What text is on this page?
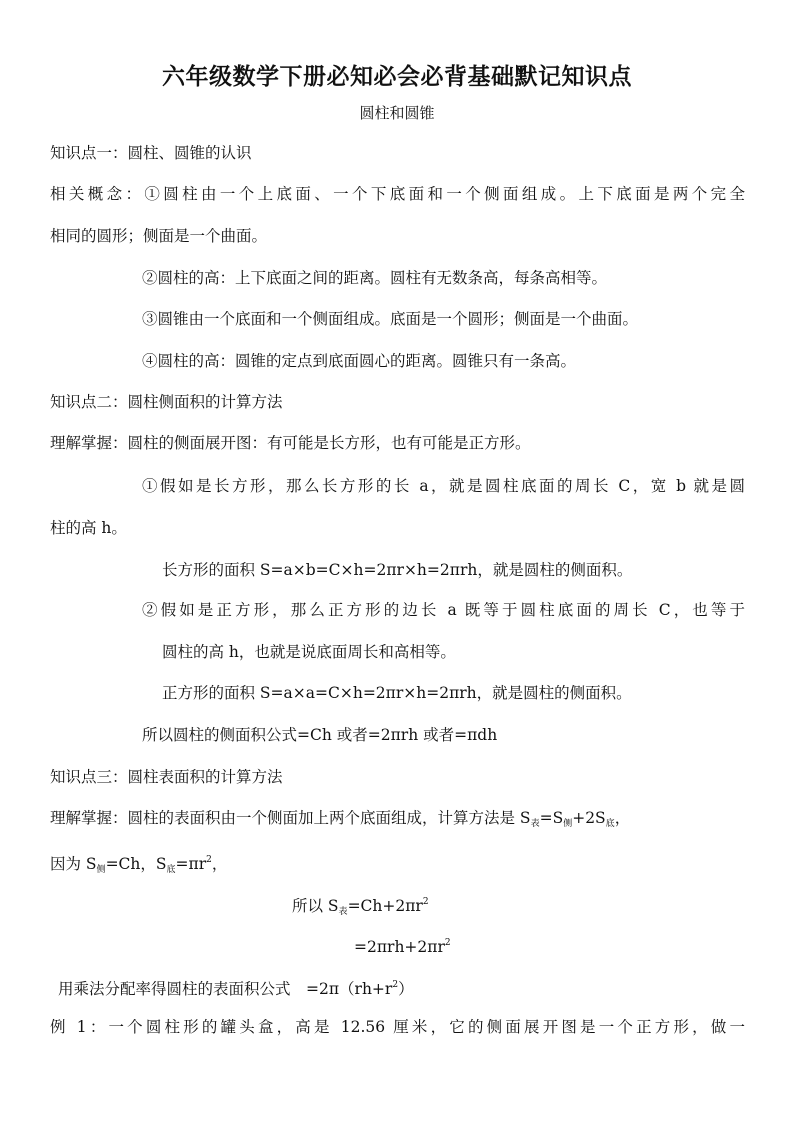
六年级数学下册必知必会必背基础默记知识点
圆柱和圆锥
知识点一：圆柱、圆锥的认识
相关概念：①圆柱由一个上底面、一个下底面和一个侧面组成。上下底面是两个完全
相同的圆形；侧面是一个曲面。
②圆柱的高：上下底面之间的距离。圆柱有无数条高，每条高相等。
③圆锥由一个底面和一个侧面组成。底面是一个圆形；侧面是一个曲面。
④圆柱的高：圆锥的定点到底面圆心的距离。圆锥只有一条高。
知识点二：圆柱侧面积的计算方法
理解掌握：圆柱的侧面展开图：有可能是长方形，也有可能是正方形。
①假如是长方形，那么长方形的长 a，就是圆柱底面的周长 C，宽 b 就是圆
柱的高 h。
长方形的面积 S=a×b=C×h=2πr×h=2πrh，就是圆柱的侧面积。
②假如是正方形，那么正方形的边长 a 既等于圆柱底面的周长 C，也等于
圆柱的高 h，也就是说底面周长和高相等。
正方形的面积 S=a×a=C×h=2πr×h=2πrh，就是圆柱的侧面积。
所以圆柱的侧面积公式=Ch 或者=2πrh 或者=πdh
知识点三：圆柱表面积的计算方法
理解掌握：圆柱的表面积由一个侧面加上两个底面组成，计算方法是 $S_表=S_侧+2S_底$，
因为 $S_侧=Ch$，$S_底=\pi r^2$，
所以 $S_表=Ch+2\pi r^2$
$=2\pi rh+2\pi r^2$
用乘法分配率得圆柱的表面积公式　$=2\pi(rh+r^2)$
例 1：一个圆柱形的罐头盒，高是 12.56 厘米，它的侧面展开图是一个正方形，做一
